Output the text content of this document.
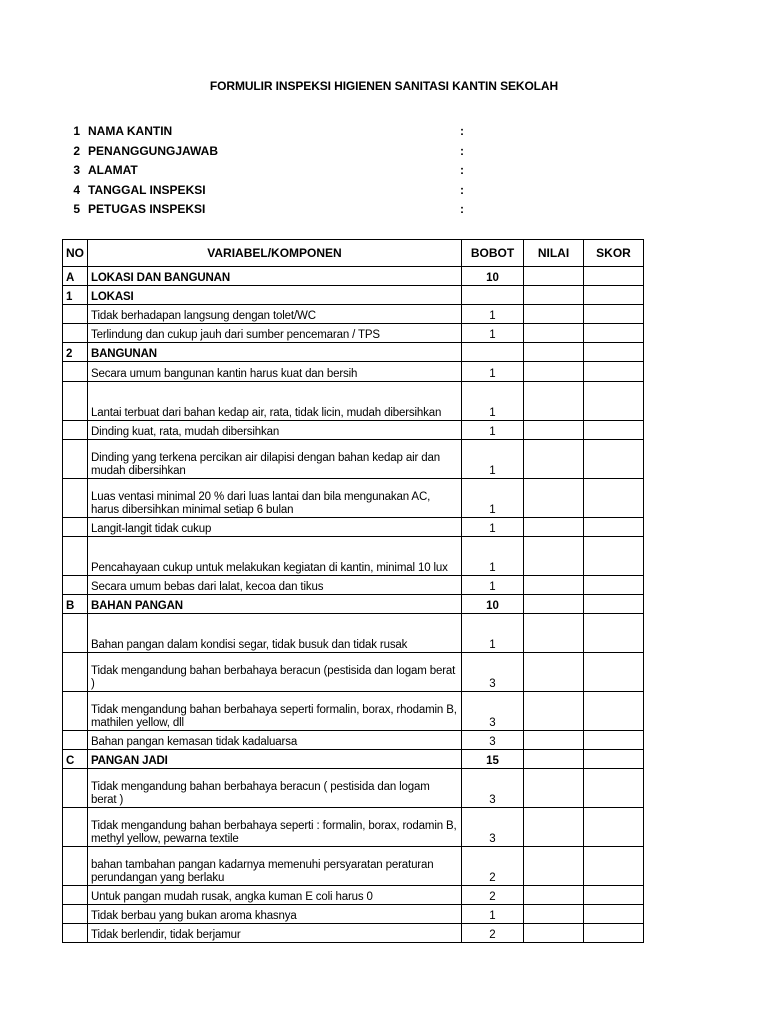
FORMULIR INSPEKSI HIGIENEN SANITASI KANTIN SEKOLAH
1 NAMA KANTIN	:
2 PENANGGUNGJAWAB	:
3 ALAMAT	:
4 TANGGAL INSPEKSI	:
5 PETUGAS INSPEKSI	:
NO	VARIABEL/KOMPONEN	BOBOT	NILAI	SKOR
A	LOKASI DAN BANGUNAN	10		
1	LOKASI			
	Tidak berhadapan langsung dengan tolet/WC	1		
	Terlindung dan cukup jauh dari sumber pencemaran / TPS	1		
2	BANGUNAN			
	Secara umum bangunan kantin harus kuat dan bersih	1		
	Lantai terbuat dari bahan kedap air, rata, tidak licin, mudah dibersihkan	1		
	Dinding kuat, rata, mudah dibersihkan	1		
	Dinding yang terkena percikan air dilapisi dengan bahan kedap air dan mudah dibersihkan	1		
	Luas ventasi minimal 20 % dari luas lantai dan bila mengunakan AC, harus dibersihkan minimal setiap 6 bulan	1		
	Langit-langit tidak cukup	1		
	Pencahayaan cukup untuk melakukan kegiatan di kantin, minimal 10 lux	1		
	Secara umum bebas dari lalat, kecoa dan tikus	1		
B	BAHAN PANGAN	10		
	Bahan pangan dalam kondisi segar, tidak busuk dan tidak rusak	1		
	Tidak mengandung bahan berbahaya beracun (pestisida dan logam berat )	3		
	Tidak mengandung bahan berbahaya seperti formalin, borax, rhodamin B, mathilen yellow, dll	3		
	Bahan pangan kemasan tidak kadaluarsa	3		
C	PANGAN JADI	15		
	Tidak mengandung bahan berbahaya beracun ( pestisida dan logam berat )	3		
	Tidak mengandung bahan berbahaya seperti : formalin, borax, rodamin B, methyl yellow, pewarna textile	3		
	bahan tambahan pangan kadarnya memenuhi persyaratan peraturan perundangan yang berlaku	2		
	Untuk pangan mudah rusak, angka kuman E coli harus 0	2		
	Tidak berbau yang bukan aroma khasnya	1		
	Tidak berlendir, tidak berjamur	2		
